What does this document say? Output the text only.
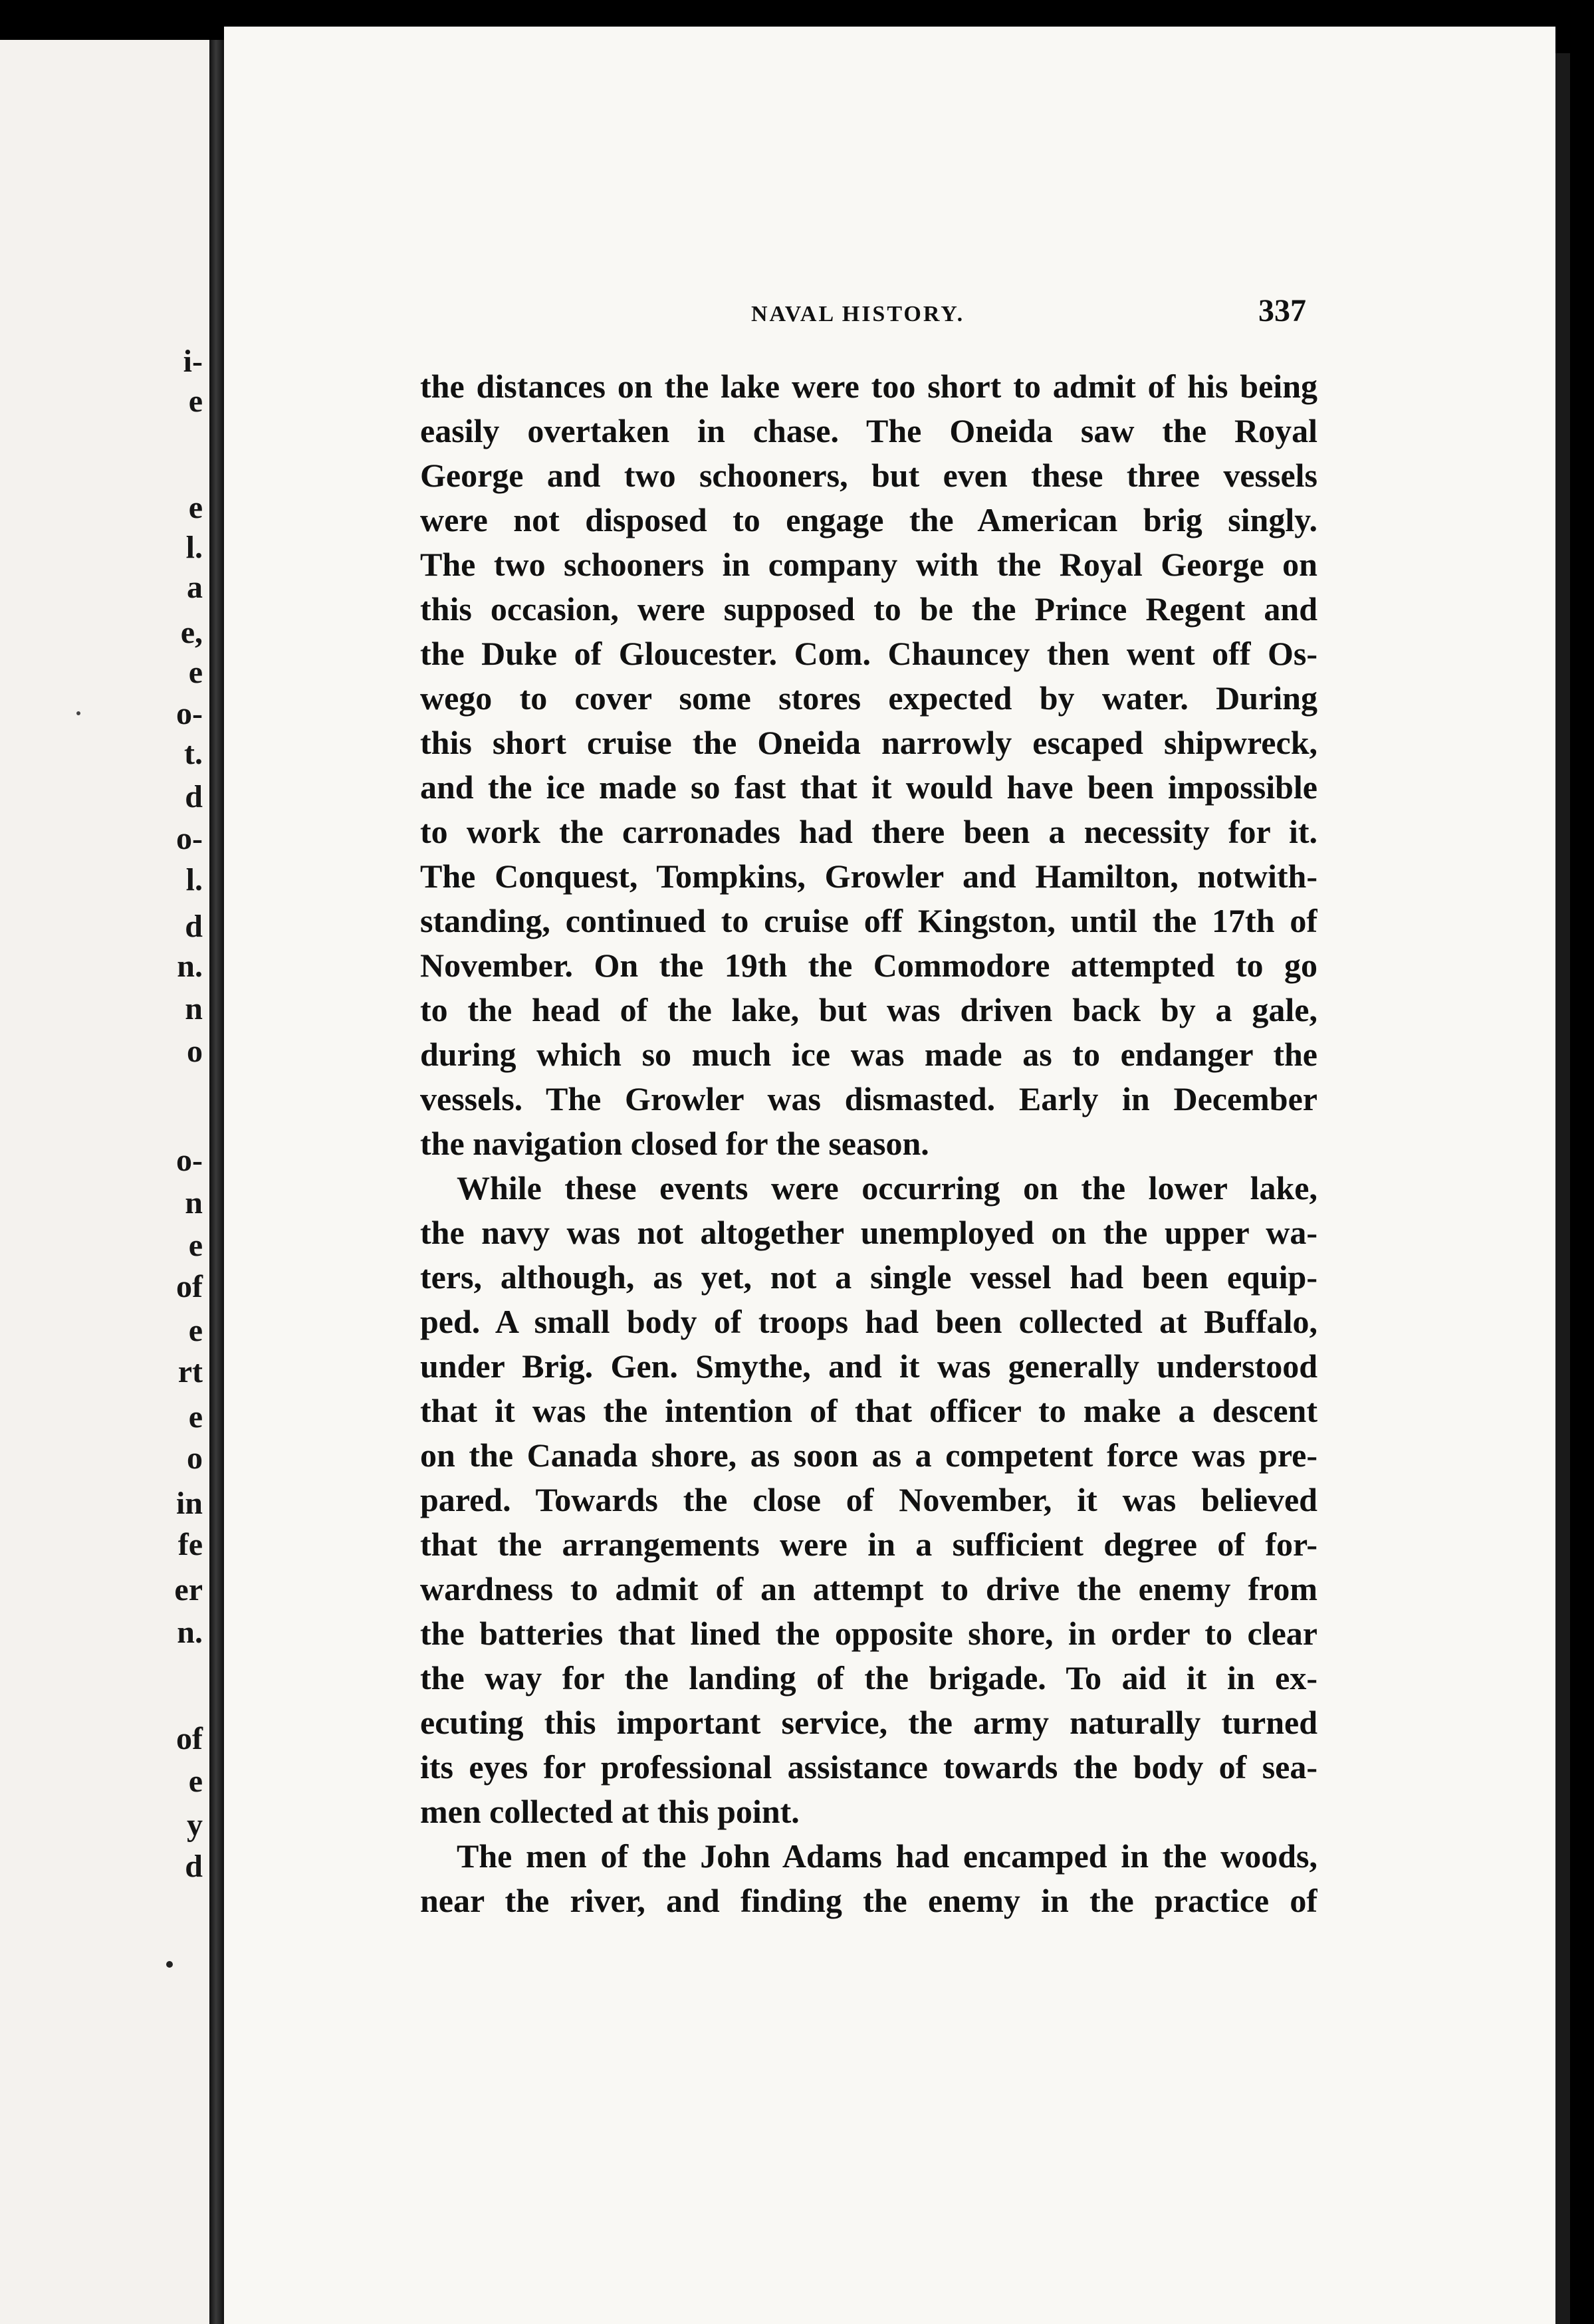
i-
e
e
l.
a
e,
e
o-
t.
d
o-
l.
d
n.
n
o
o-
n
e
of
e
rt
e
o
in
fe
er
n.
of
e
y
d
NAVAL HISTORY.	337
the distances on the lake were too short to admit of his being
easily overtaken in chase. The Oneida saw the Royal
George and two schooners, but even these three vessels
were not disposed to engage the American brig singly.
The two schooners in company with the Royal George on
this occasion, were supposed to be the Prince Regent and
the Duke of Gloucester. Com. Chauncey then went off Os-
wego to cover some stores expected by water. During
this short cruise the Oneida narrowly escaped shipwreck,
and the ice made so fast that it would have been impossible
to work the carronades had there been a necessity for it.
The Conquest, Tompkins, Growler and Hamilton, notwith-
standing, continued to cruise off Kingston, until the 17th of
November. On the 19th the Commodore attempted to go
to the head of the lake, but was driven back by a gale,
during which so much ice was made as to endanger the
vessels. The Growler was dismasted. Early in December
the navigation closed for the season.
While these events were occurring on the lower lake,
the navy was not altogether unemployed on the upper wa-
ters, although, as yet, not a single vessel had been equip-
ped. A small body of troops had been collected at Buffalo,
under Brig. Gen. Smythe, and it was generally understood
that it was the intention of that officer to make a descent
on the Canada shore, as soon as a competent force was pre-
pared. Towards the close of November, it was believed
that the arrangements were in a sufficient degree of for-
wardness to admit of an attempt to drive the enemy from
the batteries that lined the opposite shore, in order to clear
the way for the landing of the brigade. To aid it in ex-
ecuting this important service, the army naturally turned
its eyes for professional assistance towards the body of sea-
men collected at this point.
The men of the John Adams had encamped in the woods,
near the river, and finding the enemy in the practice of
